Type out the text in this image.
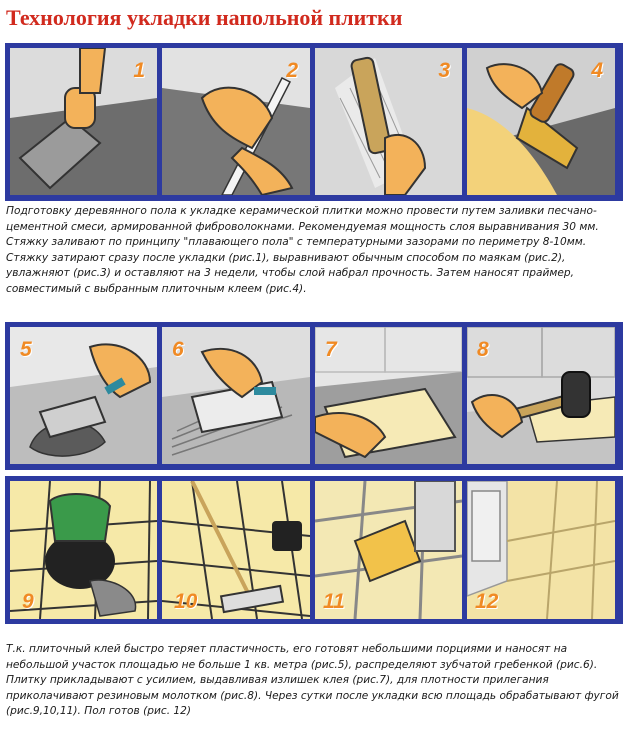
Технология укладки напольной плитки
1	2	3	4

Подготовку деревянного пола к укладке керамической плитки можно провести путем заливки песчано-цементной смеси, армированной фиброволокнами. Рекомендуемая мощность слоя выравнивания 30 мм. Стяжку заливают по принципу "плавающего пола" с температурными зазорами по периметру 8-10мм. Стяжку затирают сразу после укладки (рис.1), выравнивают обычным способом по маякам (рис.2), увлажняют (рис.3) и оставляют на 3 недели, чтобы слой набрал прочность. Затем наносят праймер, совместимый с выбранным плиточным клеем (рис.4).

5	6	7	8
9	10	11	12

Т.к. плиточный клей быстро теряет пластичность, его готовят небольшими порциями и наносят на небольшой участок площадью не больше 1 кв. метра (рис.5), распределяют зубчатой гребенкой (рис.6). Плитку прикладывают с усилием, выдавливая излишек клея (рис.7), для плотности прилегания приколачивают резиновым молотком (рис.8). Через сутки после укладки всю площадь обрабатывают фугой (рис.9,10,11). Пол готов (рис. 12)
